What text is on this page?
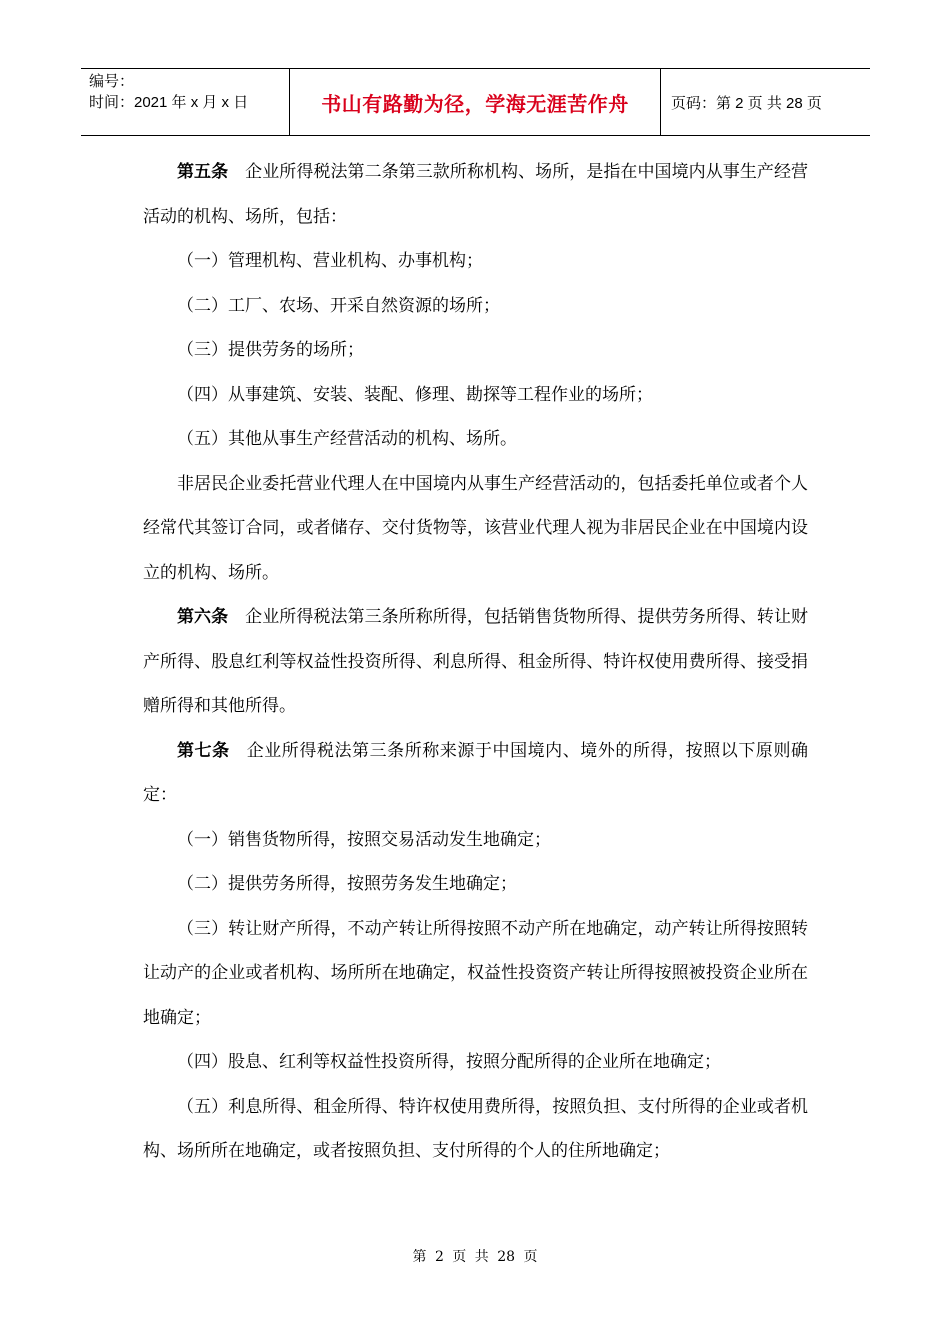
编号：
时间：2021 年 x 月 x 日	书山有路勤为径，学海无涯苦作舟	页码：第 2 页 共 28 页

第五条 企业所得税法第二条第三款所称机构、场所，是指在中国境内从事生产经营活动的机构、场所，包括：

（一）管理机构、营业机构、办事机构；

（二）工厂、农场、开采自然资源的场所；

（三）提供劳务的场所；

（四）从事建筑、安装、装配、修理、勘探等工程作业的场所；

（五）其他从事生产经营活动的机构、场所。

非居民企业委托营业代理人在中国境内从事生产经营活动的，包括委托单位或者个人经常代其签订合同，或者储存、交付货物等，该营业代理人视为非居民企业在中国境内设立的机构、场所。

第六条 企业所得税法第三条所称所得，包括销售货物所得、提供劳务所得、转让财产所得、股息红利等权益性投资所得、利息所得、租金所得、特许权使用费所得、接受捐赠所得和其他所得。

第七条 企业所得税法第三条所称来源于中国境内、境外的所得，按照以下原则确定：

（一）销售货物所得，按照交易活动发生地确定；

（二）提供劳务所得，按照劳务发生地确定；

（三）转让财产所得，不动产转让所得按照不动产所在地确定，动产转让所得按照转让动产的企业或者机构、场所所在地确定，权益性投资资产转让所得按照被投资企业所在地确定；

（四）股息、红利等权益性投资所得，按照分配所得的企业所在地确定；

（五）利息所得、租金所得、特许权使用费所得，按照负担、支付所得的企业或者机构、场所所在地确定，或者按照负担、支付所得的个人的住所地确定；

第 2 页 共 28 页
